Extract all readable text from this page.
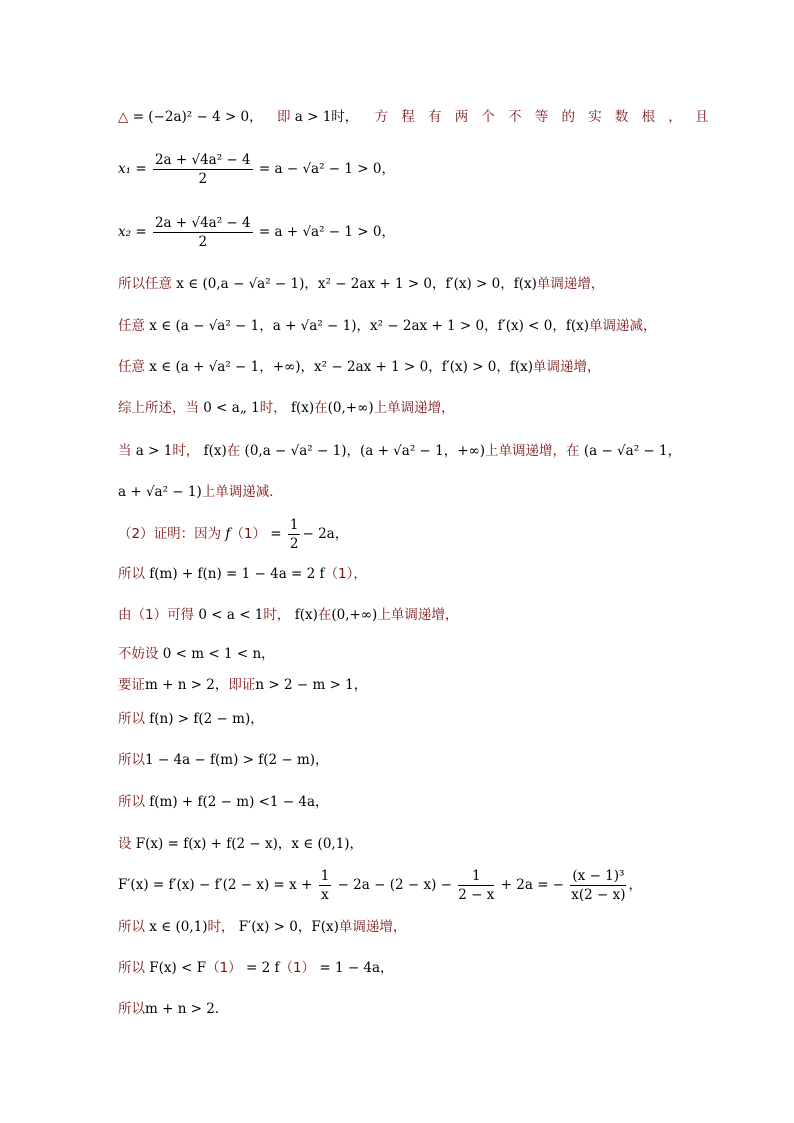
△ = (−2a)² − 4 > 0， 即 a > 1时， 方程有两个不等的实数根，且
$x_1 = \frac{\text{2a + √4a² − 4}}{2} = a - √a^2 - 1 > 0$，
$x_2 = \frac{\text{2a + √4a² − 4}}{2} = a + √a^2 - 1 > 0$，
所以任意 x ∈ (0,a − √a² − 1)，x² − 2ax + 1 > 0，f′(x) > 0，f(x)单调递增，
任意 x ∈ (a − √a² − 1，a + √a² − 1)，x² − 2ax + 1 > 0，f′(x) < 0，f(x)单调递减，
任意 x ∈ (a + √a² − 1，+∞)，x² − 2ax + 1 > 0，f′(x) > 0，f(x)单调递增，
综上所述，当 0 < a„ 1时， f(x)在(0,+∞)上单调递增，
当 a > 1时， f(x)在 (0,a − √a² − 1)，(a + √a² − 1，+∞)上单调递增，在 (a − √a² − 1，
a + √a² − 1)上单调递减．
（2）证明：因为 $f(1) = \frac{1}{2} - 2a$，
所以 f(m) + f(n) = 1 − 4a = 2 f（1），
由（1）可得 0 < a < 1时， f(x)在(0,+∞)上单调递增，
不妨设 0 < m < 1 < n，
要证m + n > 2，即证n > 2 − m > 1，
所以 f(n) > f(2 − m)，
所以1 − 4a − f(m) > f(2 − m)，
所以 f(m) + f(2 − m) <1 − 4a，
设 F(x) = f(x) + f(2 − x)，x ∈ (0,1)，
$F'(x) = f'(x) - f'(2 - x) = x + \frac{1}{x} - 2a - (2 - x) - \frac{1}{2 - x} + 2a$ = − $\frac{\text{(x − 1)³}}{x(2 - x)}$ ，
所以 x ∈ (0,1)时， F′(x) > 0，F(x)单调递增，
所以 F(x) < F（1） = 2 f（1） = 1 − 4a，
所以m + n > 2．
